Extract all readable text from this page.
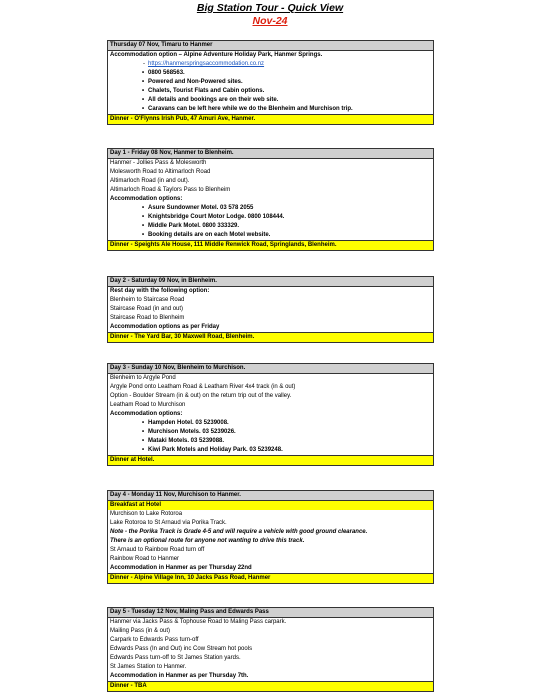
Big Station Tour - Quick View
Nov-24
Thursday 07 Nov, Timaru to Hanmer
Accommodation option – Alpine Adventure Holiday Park, Hanmer Springs.
- https://hanmerspringsaccommodation.co.nz
• 0800 568563.
• Powered and Non-Powered sites.
• Chalets, Tourist Flats and Cabin options.
• All details and bookings are on their web site.
• Caravans can be left here while we do the Blenheim and Murchison trip.
Dinner - O'Flynns Irish Pub, 47 Amuri Ave, Hanmer.
Day 1 - Friday 08 Nov, Hanmer to Blenheim.
Hanmer - Jollies Pass & Molesworth
Molesworth Road to Altimarloch Road
Altimarloch Road (in and out).
Altimarloch Road & Taylors Pass to Blenheim
Accommodation options:
• Asure Sundowner Motel. 03 578 2055
• Knightsbridge Court Motor Lodge. 0800 108444.
• Middle Park Motel. 0800 333329.
• Booking details are on each Motel website.
Dinner - Speights Ale House, 111 Middle Renwick Road, Springlands, Blenheim.
Day 2 - Saturday 09 Nov, in Blenheim.
Rest day with the following option:
Blenheim to Staircase Road
Staircase Road (in and out)
Staircase Road to Blenheim
Accommodation options as per Friday
Dinner - The Yard Bar, 30 Maxwell Road, Blenheim.
Day 3 - Sunday 10 Nov, Blenheim to Murchison.
Blenheim to Argyle Pond
Argyle Pond onto Leatham Road & Leatham River 4x4 track (in & out)
Option - Boulder Stream (in & out) on the return trip out of the valley.
Leatham Road to Murchison
Accommodation options:
• Hampden Hotel. 03 5239008.
• Murchison Motels. 03 5239026.
• Mataki Motels. 03 5239088.
• Kiwi Park Motels and Holiday Park. 03 5239248.
Dinner at Hotel.
Day 4 - Monday 11 Nov, Murchison to Hanmer.
Breakfast at Hotel
Murchison to Lake Rotoroa
Lake Rotoroa to St Arnaud via Porika Track.
Note - the Porika Track is Grade 4-5 and will require a vehicle with good ground clearance.
There is an optional route for anyone not wanting to drive this track.
St Arnaud to Rainbow Road turn off
Rainbow Road to Hanmer
Accommodation in Hanmer as per Thursday 22nd
Dinner - Alpine Village Inn, 10 Jacks Pass Road, Hanmer
Day 5 - Tuesday 12 Nov, Maling Pass and Edwards Pass
Hanmer via Jacks Pass & Tophouse Road to Maling Pass carpark.
Mailing Pass (in & out)
Carpark to Edwards Pass turn-off
Edwards Pass (In and Out) inc Cow Stream hot pools
Edwards Pass turn-off to St James Station yards.
St James Station to Hanmer.
Accommodation in Hanmer as per Thursday 7th.
Dinner - TBA
